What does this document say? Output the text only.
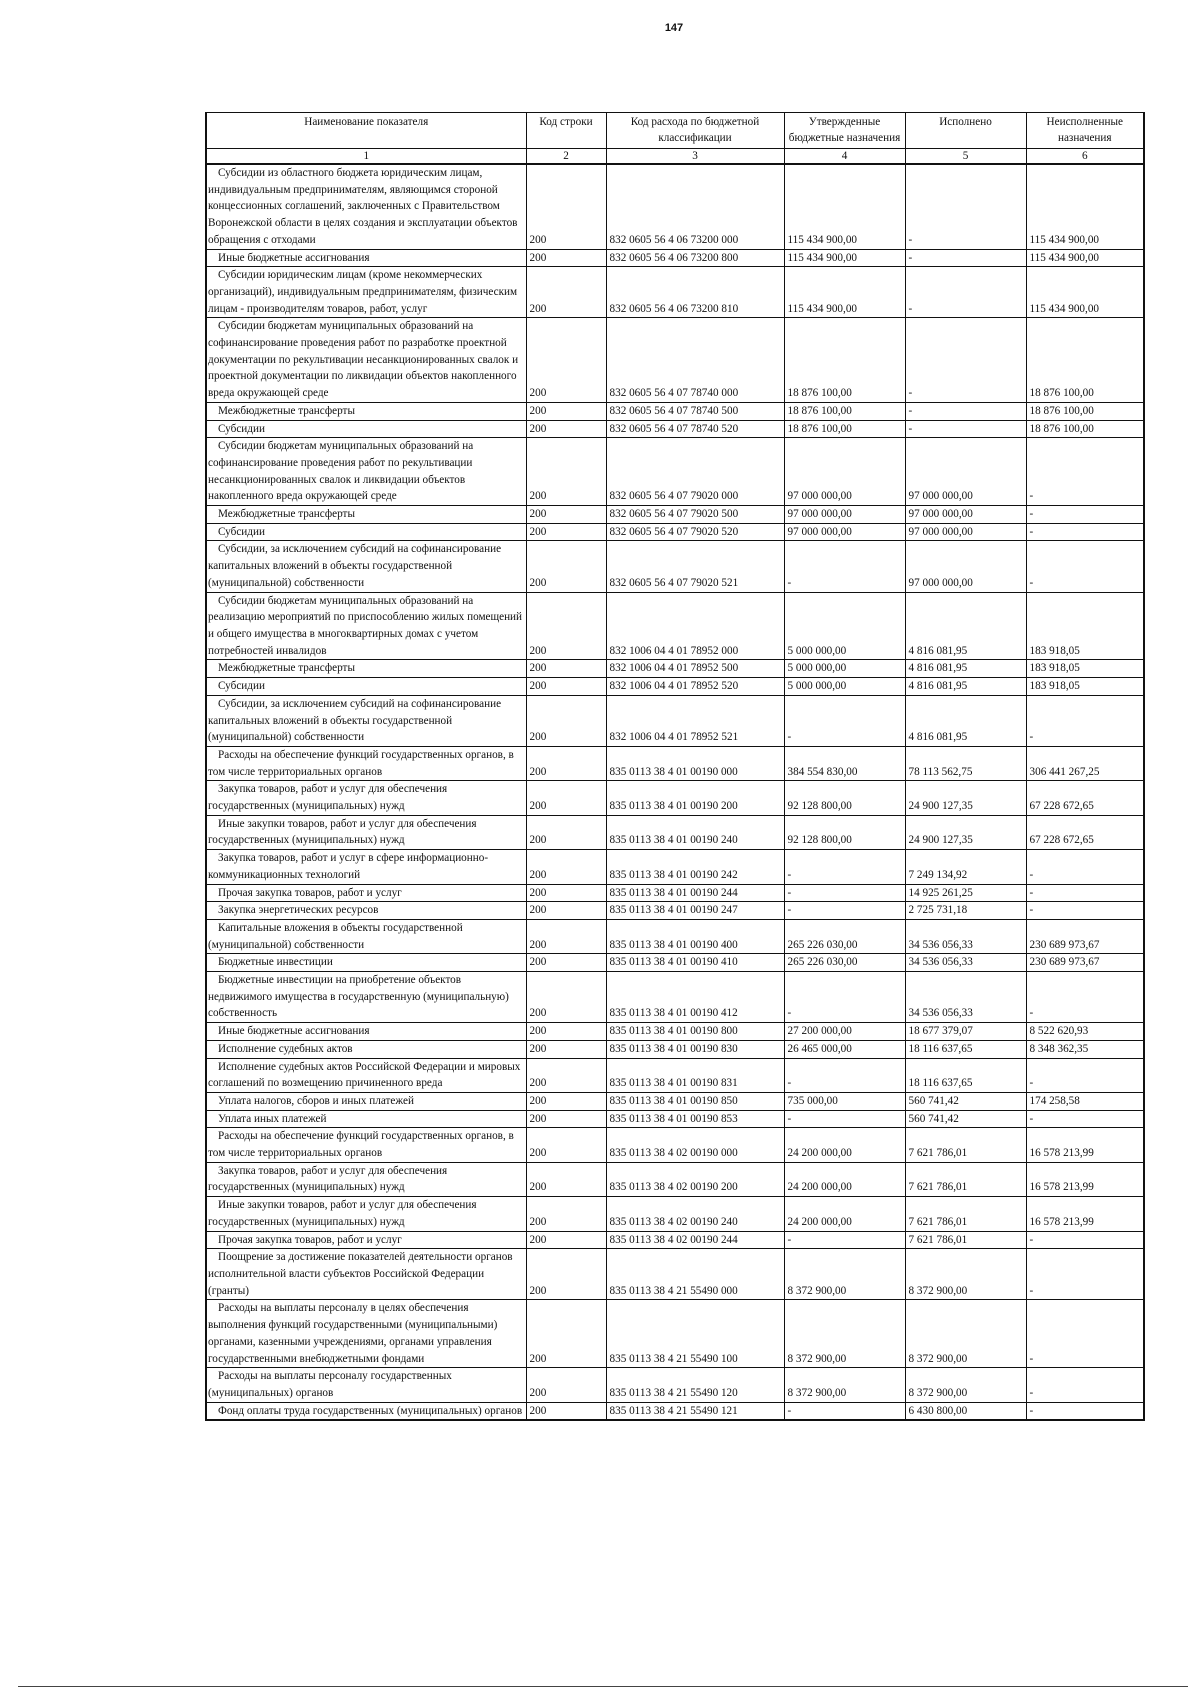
147
Наименование показателя	Код строки	Код расхода по бюджетной классификации	Утвержденные бюджетные назначения	Исполнено	Неисполненные назначения
1	2	3	4	5	6
Субсидии из областного бюджета юридическим лицам, индивидуальным предпринимателям, являющимся стороной концессионных соглашений, заключенных с Правительством Воронежской области в целях создания и эксплуатации объектов обращения с отходами	200	832 0605 56 4 06 73200 000	115 434 900,00	-	115 434 900,00
Иные бюджетные ассигнования	200	832 0605 56 4 06 73200 800	115 434 900,00	-	115 434 900,00
Субсидии юридическим лицам (кроме некоммерческих организаций), индивидуальным предпринимателям, физическим лицам - производителям товаров, работ, услуг	200	832 0605 56 4 06 73200 810	115 434 900,00	-	115 434 900,00
Субсидии бюджетам муниципальных образований на софинансирование проведения работ по разработке проектной документации по рекультивации несанкционированных свалок и проектной документации по ликвидации объектов накопленного вреда окружающей среде	200	832 0605 56 4 07 78740 000	18 876 100,00	-	18 876 100,00
Межбюджетные трансферты	200	832 0605 56 4 07 78740 500	18 876 100,00	-	18 876 100,00
Субсидии	200	832 0605 56 4 07 78740 520	18 876 100,00	-	18 876 100,00
Субсидии бюджетам муниципальных образований на софинансирование проведения работ по рекультивации несанкционированных свалок и ликвидации объектов накопленного вреда окружающей среде	200	832 0605 56 4 07 79020 000	97 000 000,00	97 000 000,00	-
Межбюджетные трансферты	200	832 0605 56 4 07 79020 500	97 000 000,00	97 000 000,00	-
Субсидии	200	832 0605 56 4 07 79020 520	97 000 000,00	97 000 000,00	-
Субсидии, за исключением субсидий на софинансирование капитальных вложений в объекты государственной (муниципальной) собственности	200	832 0605 56 4 07 79020 521	-	97 000 000,00	-
Субсидии бюджетам муниципальных образований на реализацию мероприятий по приспособлению жилых помещений и общего имущества в многоквартирных домах с учетом потребностей инвалидов	200	832 1006 04 4 01 78952 000	5 000 000,00	4 816 081,95	183 918,05
Межбюджетные трансферты	200	832 1006 04 4 01 78952 500	5 000 000,00	4 816 081,95	183 918,05
Субсидии	200	832 1006 04 4 01 78952 520	5 000 000,00	4 816 081,95	183 918,05
Субсидии, за исключением субсидий на софинансирование капитальных вложений в объекты государственной (муниципальной) собственности	200	832 1006 04 4 01 78952 521	-	4 816 081,95	-
Расходы на обеспечение функций государственных органов, в том числе территориальных органов	200	835 0113 38 4 01 00190 000	384 554 830,00	78 113 562,75	306 441 267,25
Закупка товаров, работ и услуг для обеспечения государственных (муниципальных) нужд	200	835 0113 38 4 01 00190 200	92 128 800,00	24 900 127,35	67 228 672,65
Иные закупки товаров, работ и услуг для обеспечения государственных (муниципальных) нужд	200	835 0113 38 4 01 00190 240	92 128 800,00	24 900 127,35	67 228 672,65
Закупка товаров, работ и услуг в сфере информационно-коммуникационных технологий	200	835 0113 38 4 01 00190 242	-	7 249 134,92	-
Прочая закупка товаров, работ и услуг	200	835 0113 38 4 01 00190 244	-	14 925 261,25	-
Закупка энергетических ресурсов	200	835 0113 38 4 01 00190 247	-	2 725 731,18	-
Капитальные вложения в объекты государственной (муниципальной) собственности	200	835 0113 38 4 01 00190 400	265 226 030,00	34 536 056,33	230 689 973,67
Бюджетные инвестиции	200	835 0113 38 4 01 00190 410	265 226 030,00	34 536 056,33	230 689 973,67
Бюджетные инвестиции на приобретение объектов недвижимого имущества в государственную (муниципальную) собственность	200	835 0113 38 4 01 00190 412	-	34 536 056,33	-
Иные бюджетные ассигнования	200	835 0113 38 4 01 00190 800	27 200 000,00	18 677 379,07	8 522 620,93
Исполнение судебных актов	200	835 0113 38 4 01 00190 830	26 465 000,00	18 116 637,65	8 348 362,35
Исполнение судебных актов Российской Федерации и мировых соглашений по возмещению причиненного вреда	200	835 0113 38 4 01 00190 831	-	18 116 637,65	-
Уплата налогов, сборов и иных платежей	200	835 0113 38 4 01 00190 850	735 000,00	560 741,42	174 258,58
Уплата иных платежей	200	835 0113 38 4 01 00190 853	-	560 741,42	-
Расходы на обеспечение функций государственных органов, в том числе территориальных органов	200	835 0113 38 4 02 00190 000	24 200 000,00	7 621 786,01	16 578 213,99
Закупка товаров, работ и услуг для обеспечения государственных (муниципальных) нужд	200	835 0113 38 4 02 00190 200	24 200 000,00	7 621 786,01	16 578 213,99
Иные закупки товаров, работ и услуг для обеспечения государственных (муниципальных) нужд	200	835 0113 38 4 02 00190 240	24 200 000,00	7 621 786,01	16 578 213,99
Прочая закупка товаров, работ и услуг	200	835 0113 38 4 02 00190 244	-	7 621 786,01	-
Поощрение за достижение показателей деятельности органов исполнительной власти субъектов Российской Федерации (гранты)	200	835 0113 38 4 21 55490 000	8 372 900,00	8 372 900,00	-
Расходы на выплаты персоналу в целях обеспечения выполнения функций государственными (муниципальными) органами, казенными учреждениями, органами управления государственными внебюджетными фондами	200	835 0113 38 4 21 55490 100	8 372 900,00	8 372 900,00	-
Расходы на выплаты персоналу государственных (муниципальных) органов	200	835 0113 38 4 21 55490 120	8 372 900,00	8 372 900,00	-
Фонд оплаты труда государственных (муниципальных) органов	200	835 0113 38 4 21 55490 121	-	6 430 800,00	-
